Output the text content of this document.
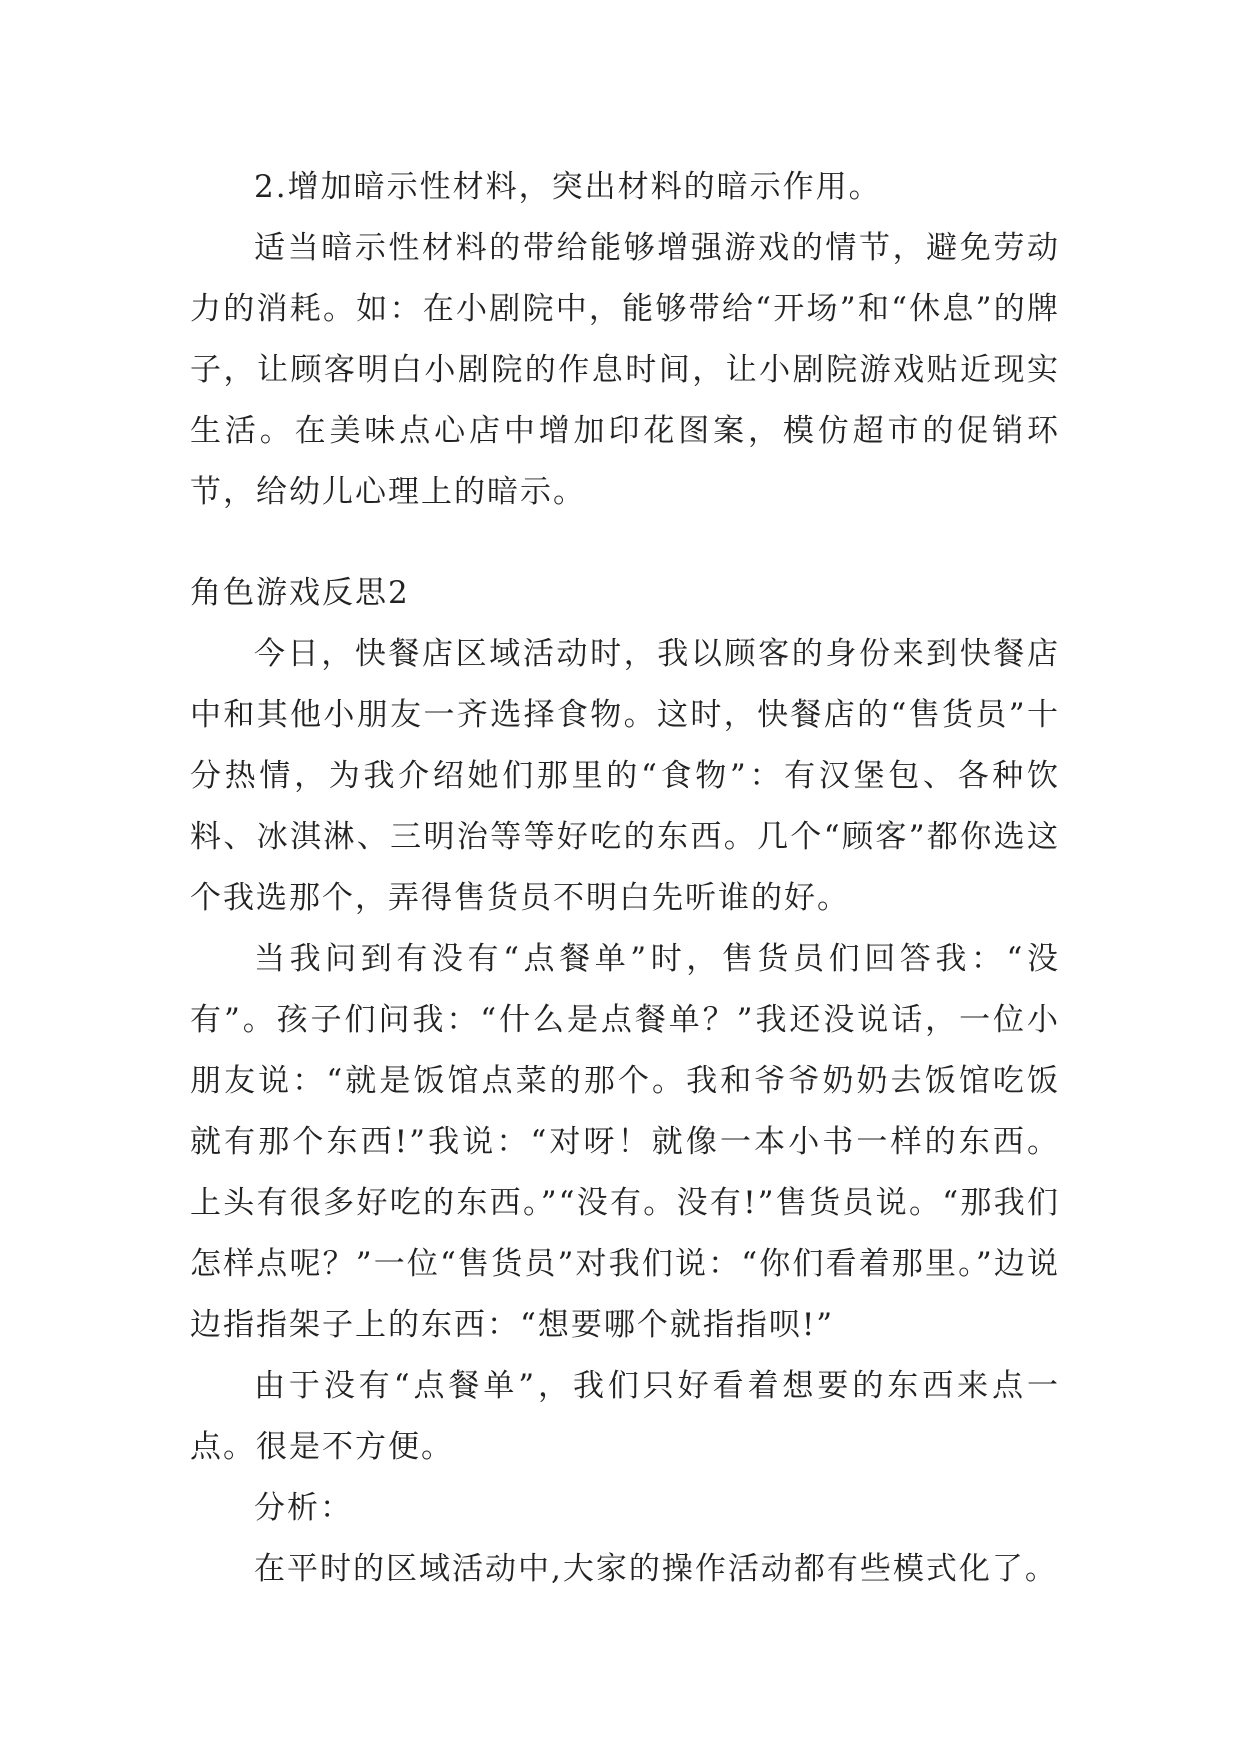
2.增加暗示性材料，突出材料的暗示作用。

适当暗示性材料的带给能够增强游戏的情节，避免劳动力的消耗。如：在小剧院中，能够带给“开场”和“休息”的牌子，让顾客明白小剧院的作息时间，让小剧院游戏贴近现实生活。在美味点心店中增加印花图案，模仿超市的促销环节，给幼儿心理上的暗示。

角色游戏反思2

今日，快餐店区域活动时，我以顾客的身份来到快餐店中和其他小朋友一齐选择食物。这时，快餐店的“售货员”十分热情，为我介绍她们那里的“食物”：有汉堡包、各种饮料、冰淇淋、三明治等等好吃的东西。几个“顾客”都你选这个我选那个，弄得售货员不明白先听谁的好。

当我问到有没有“点餐单”时，售货员们回答我：“没有”。孩子们问我：“什么是点餐单？”我还没说话，一位小朋友说：“就是饭馆点菜的那个。我和爷爷奶奶去饭馆吃饭就有那个东西!”我说：“对呀！就像一本小书一样的东西。上头有很多好吃的东西。”“没有。没有!”售货员说。“那我们怎样点呢？”一位“售货员”对我们说：“你们看着那里。”边说边指指架子上的东西：“想要哪个就指指呗!”

由于没有“点餐单”，我们只好看着想要的东西来点一点。很是不方便。

分析：

在平时的区域活动中,大家的操作活动都有些模式化了。
